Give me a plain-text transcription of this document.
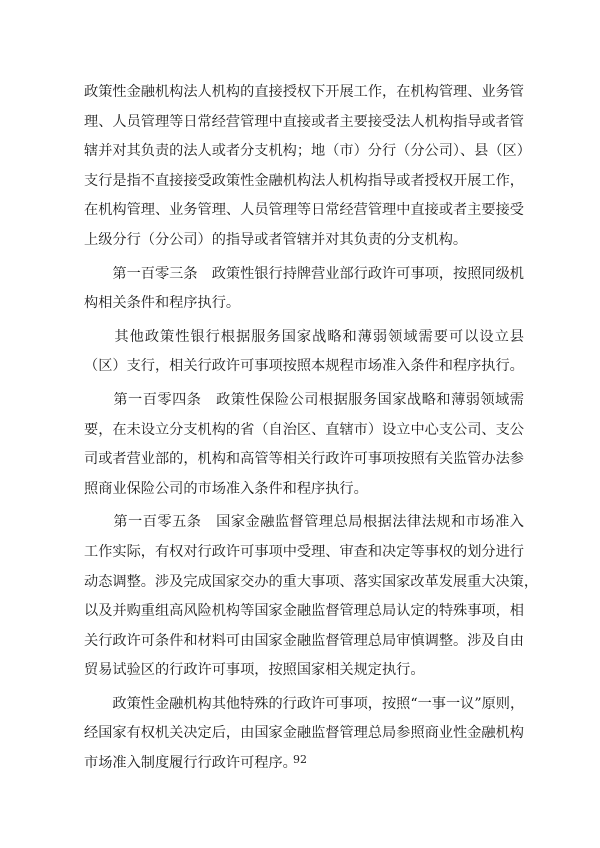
政策性金融机构法人机构的直接授权下开展工作，在机构管理、业务管
理、人员管理等日常经营管理中直接或者主要接受法人机构指导或者管
辖并对其负责的法人或者分支机构；地（市）分行（分公司）、县（区）
支行是指不直接接受政策性金融机构法人机构指导或者授权开展工作，
在机构管理、业务管理、人员管理等日常经营管理中直接或者主要接受
上级分行（分公司）的指导或者管辖并对其负责的分支机构。
　　第一百零三条　政策性银行持牌营业部行政许可事项，按照同级机
构相关条件和程序执行。
　　其他政策性银行根据服务国家战略和薄弱领域需要可以设立县
（区）支行，相关行政许可事项按照本规程市场准入条件和程序执行。
　　第一百零四条　政策性保险公司根据服务国家战略和薄弱领域需
要，在未设立分支机构的省（自治区、直辖市）设立中心支公司、支公
司或者营业部的，机构和高管等相关行政许可事项按照有关监管办法参
照商业保险公司的市场准入条件和程序执行。
　　第一百零五条　国家金融监督管理总局根据法律法规和市场准入
工作实际，有权对行政许可事项中受理、审查和决定等事权的划分进行
动态调整。涉及完成国家交办的重大事项、落实国家改革发展重大决策，
以及并购重组高风险机构等国家金融监督管理总局认定的特殊事项，相
关行政许可条件和材料可由国家金融监督管理总局审慎调整。涉及自由
贸易试验区的行政许可事项，按照国家相关规定执行。
　　政策性金融机构其他特殊的行政许可事项，按照“一事一议”原则，
经国家有权机关决定后，由国家金融监督管理总局参照商业性金融机构
市场准入制度履行行政许可程序。
92
